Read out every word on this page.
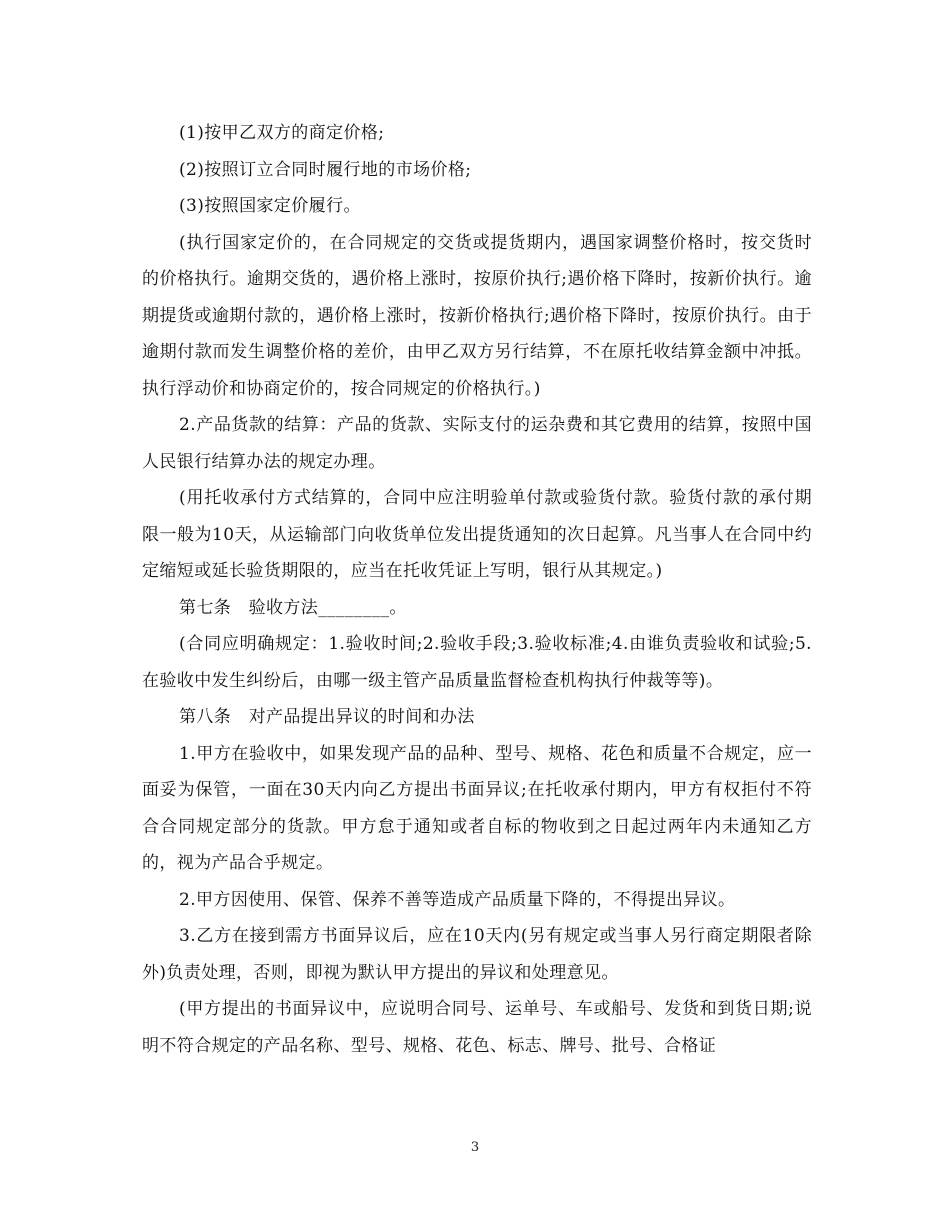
(1)按甲乙双方的商定价格;

(2)按照订立合同时履行地的市场价格;

(3)按照国家定价履行。

(执行国家定价的，在合同规定的交货或提货期内，遇国家调整价格时，按交货时的价格执行。逾期交货的，遇价格上涨时，按原价执行;遇价格下降时，按新价执行。逾期提货或逾期付款的，遇价格上涨时，按新价格执行;遇价格下降时，按原价执行。由于逾期付款而发生调整价格的差价，由甲乙双方另行结算，不在原托收结算金额中冲抵。执行浮动价和协商定价的，按合同规定的价格执行。)

2.产品货款的结算：产品的货款、实际支付的运杂费和其它费用的结算，按照中国人民银行结算办法的规定办理。

(用托收承付方式结算的，合同中应注明验单付款或验货付款。验货付款的承付期限一般为10天，从运输部门向收货单位发出提货通知的次日起算。凡当事人在合同中约定缩短或延长验货期限的，应当在托收凭证上写明，银行从其规定。)

第七条　验收方法________。

(合同应明确规定：1.验收时间;2.验收手段;3.验收标准;4.由谁负责验收和试验;5.在验收中发生纠纷后，由哪一级主管产品质量监督检查机构执行仲裁等等)。

第八条　对产品提出异议的时间和办法

1.甲方在验收中，如果发现产品的品种、型号、规格、花色和质量不合规定，应一面妥为保管，一面在30天内向乙方提出书面异议;在托收承付期内，甲方有权拒付不符合合同规定部分的货款。甲方怠于通知或者自标的物收到之日起过两年内未通知乙方的，视为产品合乎规定。

2.甲方因使用、保管、保养不善等造成产品质量下降的，不得提出异议。

3.乙方在接到需方书面异议后，应在10天内(另有规定或当事人另行商定期限者除外)负责处理，否则，即视为默认甲方提出的异议和处理意见。

(甲方提出的书面异议中，应说明合同号、运单号、车或船号、发货和到货日期;说明不符合规定的产品名称、型号、规格、花色、标志、牌号、批号、合格证

3
